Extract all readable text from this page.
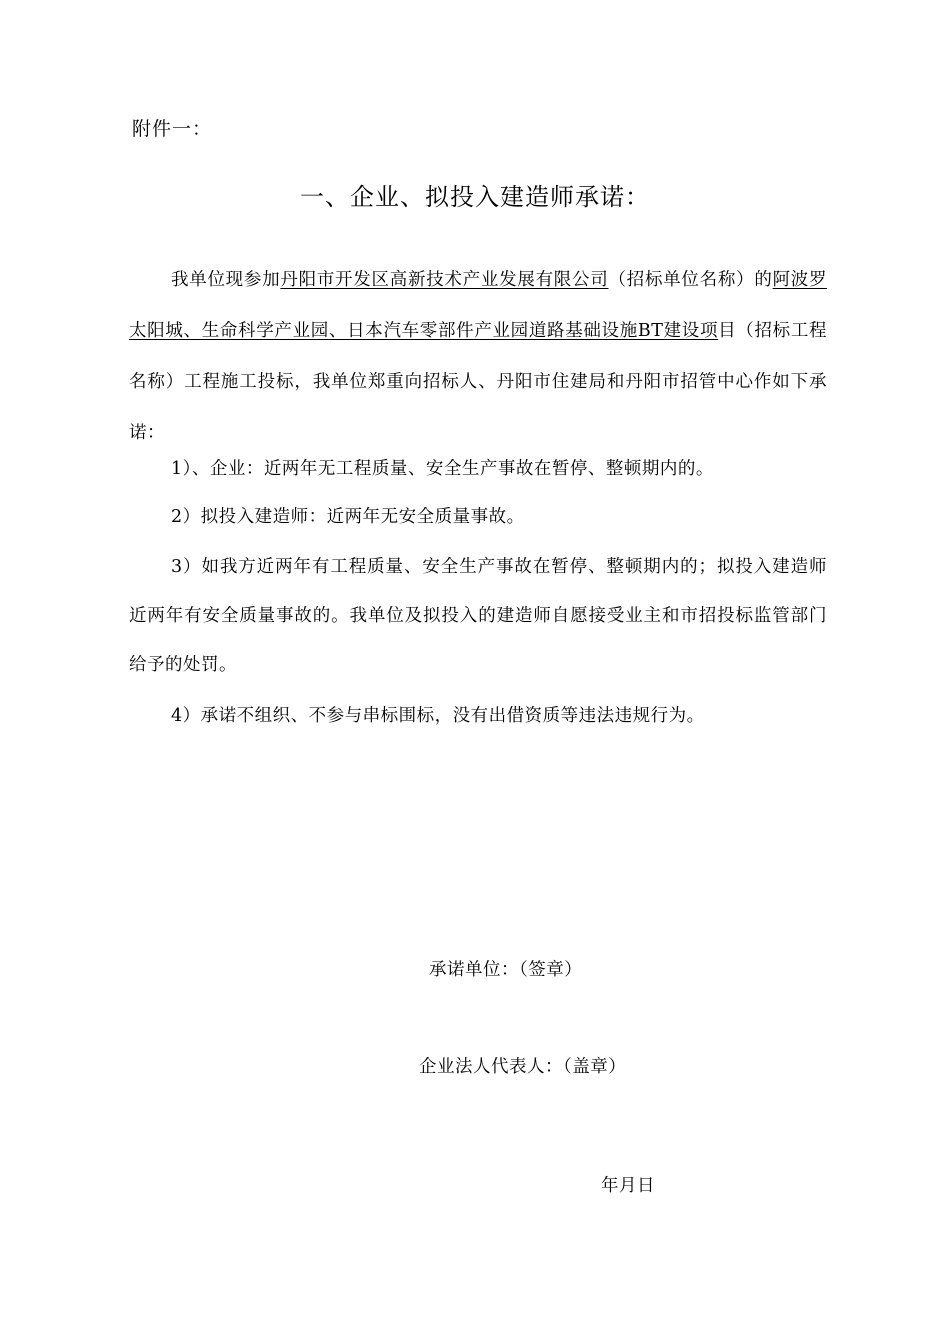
附件一：
一、企业、拟投入建造师承诺：
我单位现参加丹阳市开发区高新技术产业发展有限公司（招标单位名称）的阿波罗太阳城、生命科学产业园、日本汽车零部件产业园道路基础设施BT建设项目（招标工程名称）工程施工投标，我单位郑重向招标人、丹阳市住建局和丹阳市招管中心作如下承诺：
1）、企业：近两年无工程质量、安全生产事故在暂停、整顿期内的。
2）拟投入建造师：近两年无安全质量事故。
3）如我方近两年有工程质量、安全生产事故在暂停、整顿期内的；拟投入建造师近两年有安全质量事故的。我单位及拟投入的建造师自愿接受业主和市招投标监管部门给予的处罚。
4）承诺不组织、不参与串标围标，没有出借资质等违法违规行为。
承诺单位：（签章）
企业法人代表人：（盖章）
年月日
